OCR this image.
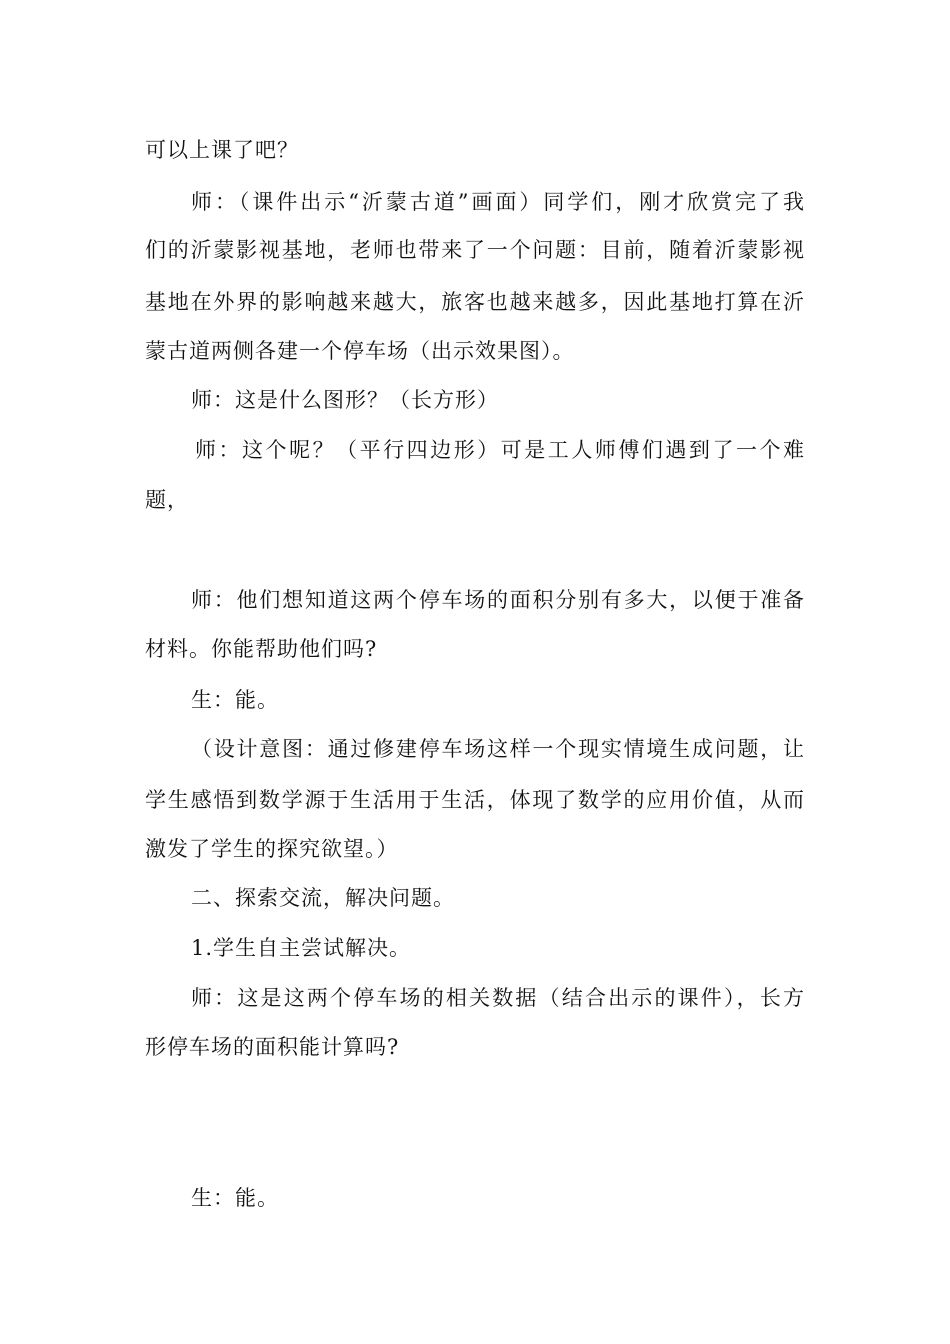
可以上课了吧？
师：（课件出示“沂蒙古道”画面）同学们，刚才欣赏完了我
们的沂蒙影视基地，老师也带来了一个问题：目前，随着沂蒙影视
基地在外界的影响越来越大，旅客也越来越多，因此基地打算在沂
蒙古道两侧各建一个停车场（出示效果图）。
师：这是什么图形？（长方形）
师：这个呢？（平行四边形）可是工人师傅们遇到了一个难
题，
师：他们想知道这两个停车场的面积分别有多大，以便于准备
材料。你能帮助他们吗?
生：能。
（设计意图：通过修建停车场这样一个现实情境生成问题，让
学生感悟到数学源于生活用于生活，体现了数学的应用价值，从而
激发了学生的探究欲望。）
二、探索交流，解决问题。
1.学生自主尝试解决。
师：这是这两个停车场的相关数据（结合出示的课件），长方
形停车场的面积能计算吗?
生：能。
